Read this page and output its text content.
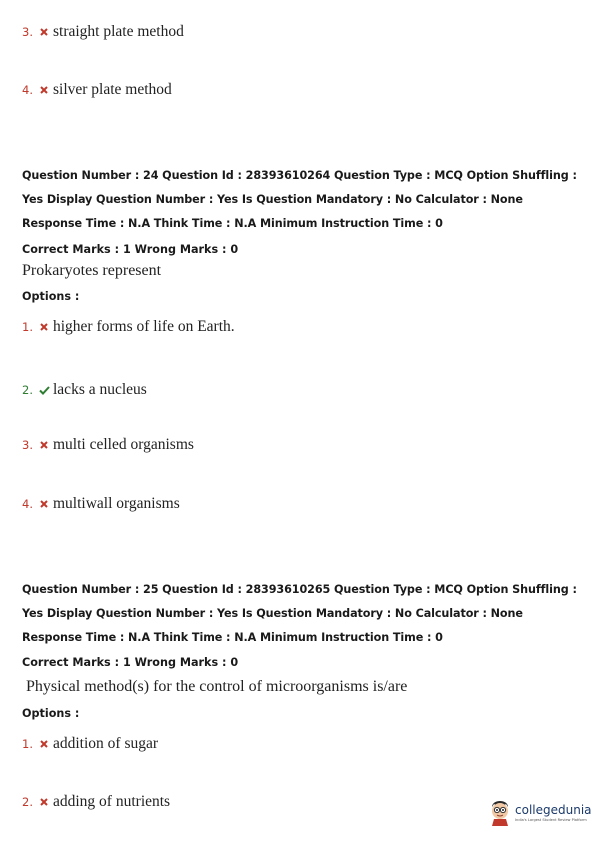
3.	straight plate method
4.	silver plate method
Question Number : 24 Question Id : 28393610264 Question Type : MCQ Option Shuffling : Yes Display Question Number : Yes Is Question Mandatory : No Calculator : None Response Time : N.A Think Time : N.A Minimum Instruction Time : 0
Correct Marks : 1 Wrong Marks : 0
Prokaryotes represent
Options :
1.	higher forms of life on Earth.
2.	lacks a nucleus
3.	multi celled organisms
4.	multiwall organisms
Question Number : 25 Question Id : 28393610265 Question Type : MCQ Option Shuffling : Yes Display Question Number : Yes Is Question Mandatory : No Calculator : None Response Time : N.A Think Time : N.A Minimum Instruction Time : 0
Correct Marks : 1 Wrong Marks : 0
Physical method(s) for the control of microorganisms is/are
Options :
1.	addition of sugar
2.	adding of nutrients	collegedunia
India's Largest Student Review Platform
